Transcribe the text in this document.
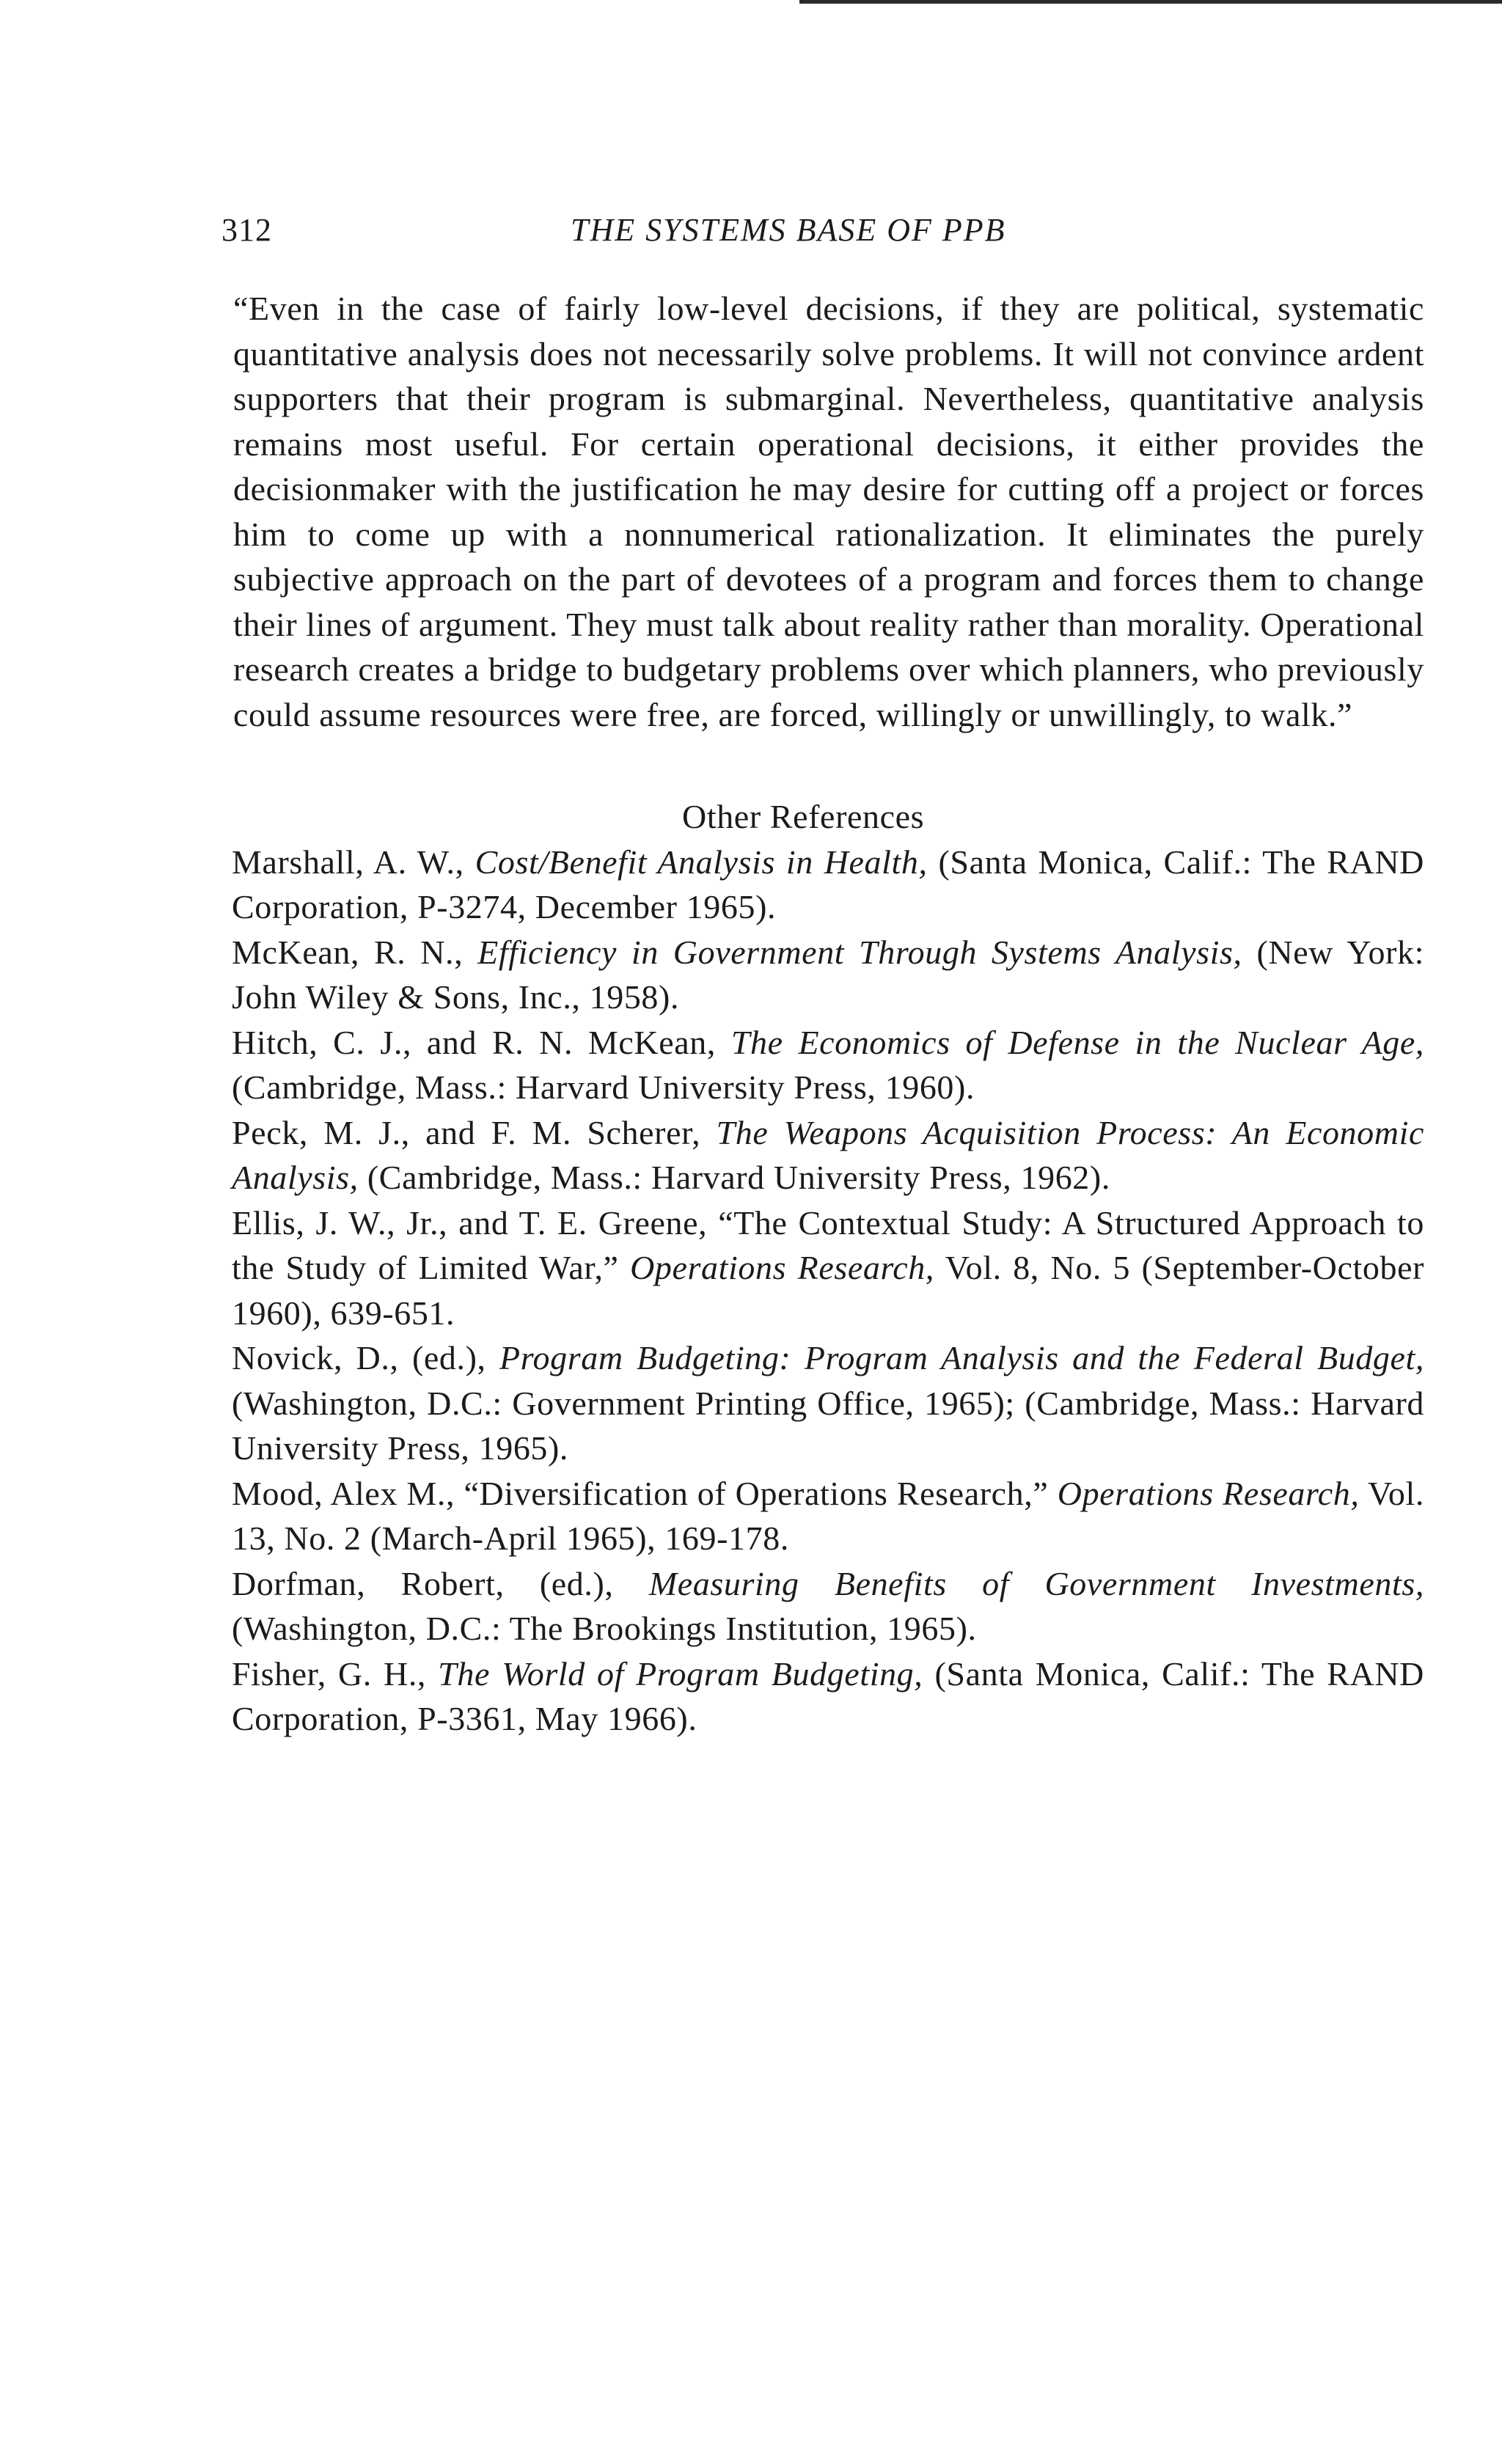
312	THE SYSTEMS BASE OF PPB

“Even in the case of fairly low-level decisions, if they are political, systematic quantitative analysis does not necessarily solve problems. It will not convince ardent supporters that their program is submarginal. Nevertheless, quantitative analysis remains most useful. For certain operational decisions, it either provides the decisionmaker with the justification he may desire for cutting off a project or forces him to come up with a nonnumerical rationalization. It eliminates the purely subjective approach on the part of devotees of a program and forces them to change their lines of argument. They must talk about reality rather than morality. Operational research creates a bridge to budgetary problems over which planners, who previously could assume resources were free, are forced, willingly or unwillingly, to walk.”

Other References
Marshall, A. W., Cost/Benefit Analysis in Health, (Santa Monica, Calif.: The RAND Corporation, P-3274, December 1965).
McKean, R. N., Efficiency in Government Through Systems Analysis, (New York: John Wiley & Sons, Inc., 1958).
Hitch, C. J., and R. N. McKean, The Economics of Defense in the Nuclear Age, (Cambridge, Mass.: Harvard University Press, 1960).
Peck, M. J., and F. M. Scherer, The Weapons Acquisition Process: An Economic Analysis, (Cambridge, Mass.: Harvard University Press, 1962).
Ellis, J. W., Jr., and T. E. Greene, “The Contextual Study: A Structured Approach to the Study of Limited War,” Operations Research, Vol. 8, No. 5 (September-October 1960), 639-651.
Novick, D., (ed.), Program Budgeting: Program Analysis and the Federal Budget, (Washington, D.C.: Government Printing Office, 1965); (Cambridge, Mass.: Harvard University Press, 1965).
Mood, Alex M., “Diversification of Operations Research,” Operations Research, Vol. 13, No. 2 (March-April 1965), 169-178.
Dorfman, Robert, (ed.), Measuring Benefits of Government Investments, (Washington, D.C.: The Brookings Institution, 1965).
Fisher, G. H., The World of Program Budgeting, (Santa Monica, Calif.: The RAND Corporation, P-3361, May 1966).
